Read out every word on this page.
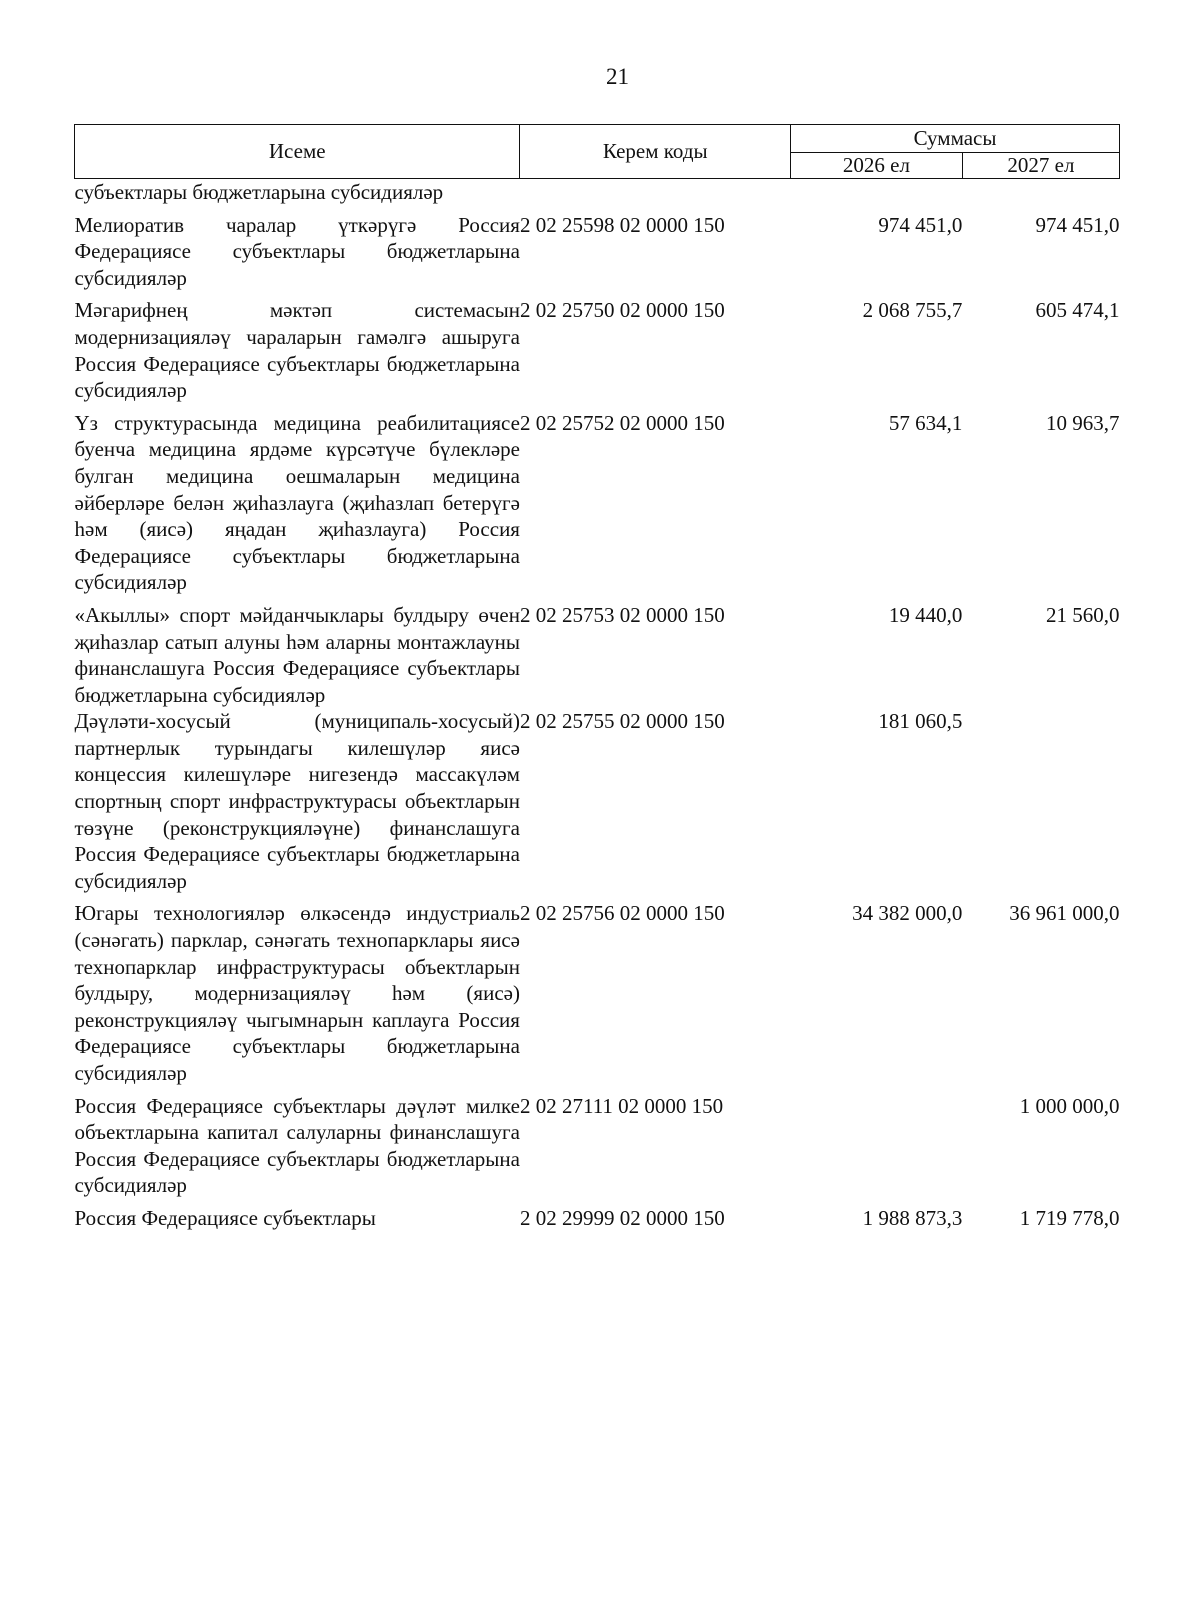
21
Исеме	Керем коды	Суммасы	
		2026 ел	2027 ел
субъектлары бюджетларына субсидияләр			

Мелиоратив чаралар үткәрүгә Россия Федерациясе субъектлары бюджетларына субсидияләр	2 02 25598 02 0000 150	974 451,0	974 451,0

Мәгарифнең мәктәп системасын модернизацияләү чараларын гамәлгә ашыруга Россия Федерациясе субъектлары бюджетларына субсидияләр	2 02 25750 02 0000 150	2 068 755,7	605 474,1

Үз структурасында медицина реабилитациясе буенча медицина ярдәме күрсәтүче бүлекләре булган медицина оешмаларын медицина әйберләре белән җиһазлауга (җиһазлап бетерүгә һәм (яисә) яңадан җиһазлауга) Россия Федерациясе субъектлары бюджетларына субсидияләр	2 02 25752 02 0000 150	57 634,1	10 963,7

«Акыллы» спорт мәйданчыклары булдыру өчен җиһазлар сатып алуны һәм аларны монтажлауны финанслашуга Россия Федерациясе субъектлары бюджетларына субсидияләр	2 02 25753 02 0000 150	19 440,0	21 560,0
Дәүләти-хосусый (муниципаль-хосусый) партнерлык турындагы килешүләр яисә концессия килешүләре нигезендә массакүләм спортның спорт инфраструктурасы объектларын төзүне (реконструкцияләүне) финанслашуга Россия Федерациясе субъектлары бюджетларына субсидияләр	2 02 25755 02 0000 150	181 060,5	

Югары технологияләр өлкәсендә индустриаль (сәнәгать) парклар, сәнәгать технопарклары яисә технопарклар инфраструктурасы объектларын булдыру, модернизацияләү һәм (яисә) реконструкцияләү чыгымнарын каплауга Россия Федерациясе субъектлары бюджетларына субсидияләр	2 02 25756 02 0000 150	34 382 000,0	36 961 000,0

Россия Федерациясе субъектлары дәүләт милке объектларына капитал салуларны финанслашуга Россия Федерациясе субъектлары бюджетларына субсидияләр	2 02 27111 02 0000 150		1 000 000,0

Россия Федерациясе субъектлары	2 02 29999 02 0000 150	1 988 873,3	1 719 778,0
